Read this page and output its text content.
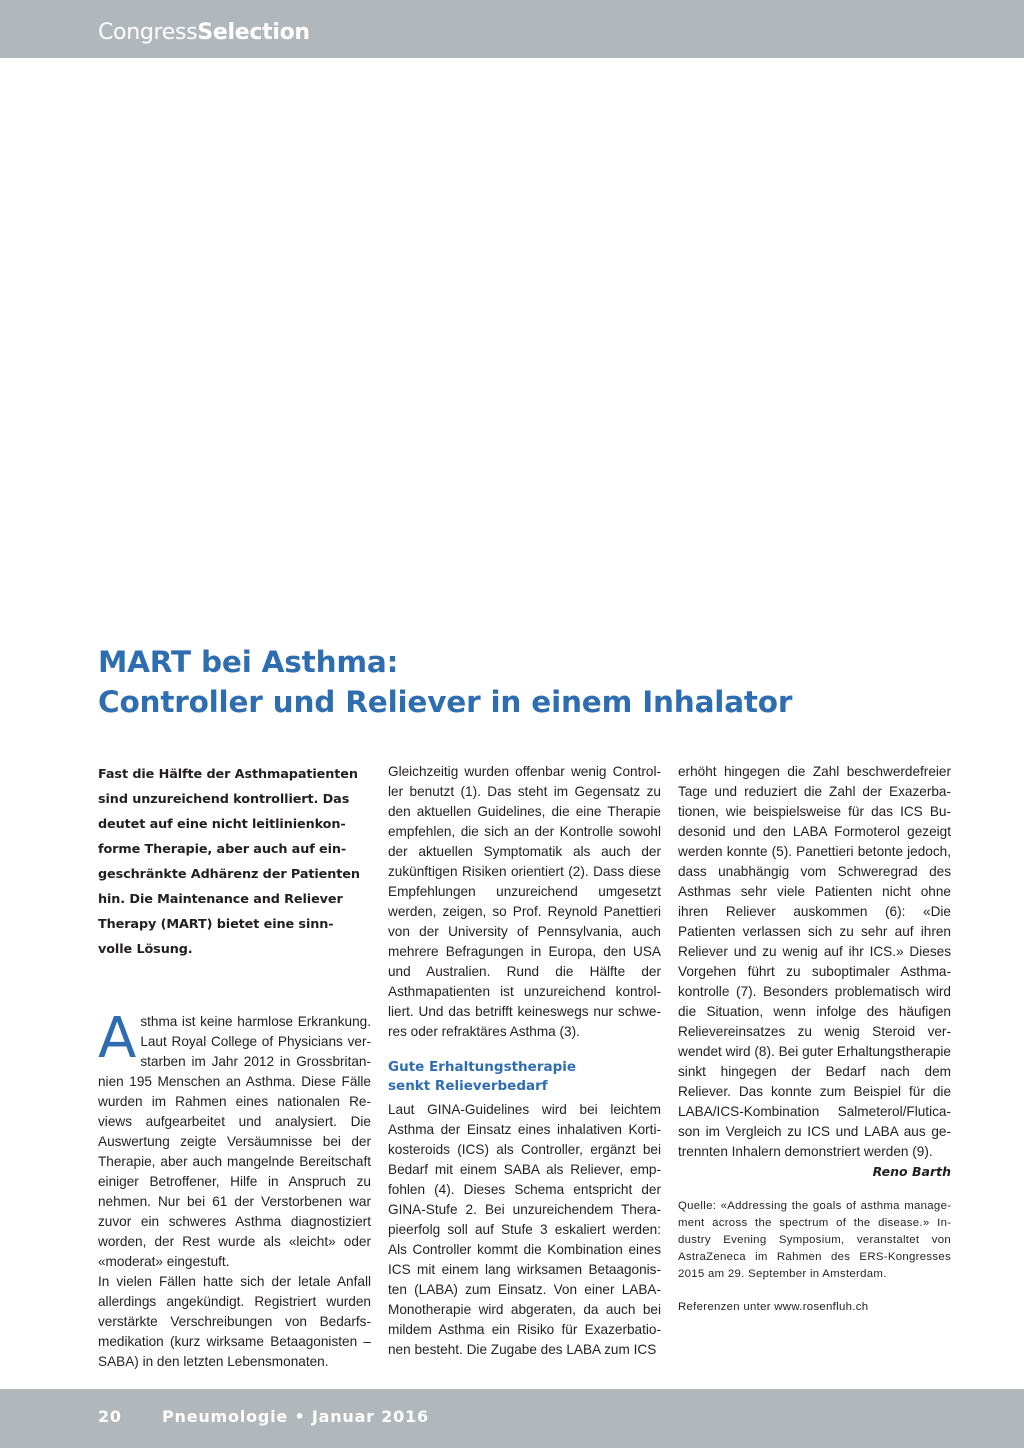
CongressSelection
MART bei Asthma:
Controller und Reliever in einem Inhalator

Fast die Hälfte der Asthmapatienten
sind unzureichend kontrolliert. Das
deutet auf eine nicht leitlinienkon-
forme Therapie, aber auch auf ein-
geschränkte Adhärenz der Patienten
hin. Die Maintenance and Reliever
Therapy (MART) bietet eine sinn-
volle Lösung.

Asthma ist keine harmlose Erkrankung. Laut Royal College of Physicians verstarben im Jahr 2012 in Grossbritannien 195 Menschen an Asthma. Diese Fälle wurden im Rahmen eines nationalen Reviews aufgearbeitet und analysiert. Die Auswertung zeigte Versäumnisse bei der Therapie, aber auch mangelnde Bereitschaft einiger Betroffener, Hilfe in Anspruch zu nehmen. Nur bei 61 der Verstorbenen war zuvor ein schweres Asthma diagnostiziert worden, der Rest wurde als «leicht» oder «moderat» eingestuft.

In vielen Fällen hatte sich der letale Anfall allerdings angekündigt. Registriert wurden verstärkte Verschreibungen von Bedarfsmedikation (kurz wirksame Betaagonisten – SABA) in den letzten Lebensmonaten.

Gleichzeitig wurden offenbar wenig Controller benutzt (1). Das steht im Gegensatz zu den aktuellen Guidelines, die eine Therapie empfehlen, die sich an der Kontrolle sowohl der aktuellen Symptomatik als auch der zukünftigen Risiken orientiert (2). Dass diese Empfehlungen unzureichend umgesetzt werden, zeigen, so Prof. Reynold Panettieri von der University of Pennsylvania, auch mehrere Befragungen in Europa, den USA und Australien. Rund die Hälfte der Asthmapatienten ist unzureichend kontrolliert. Und das betrifft keineswegs nur schweres oder refraktäres Asthma (3).

Gute Erhaltungstherapie
senkt Relieverbedarf

Laut GINA-Guidelines wird bei leichtem Asthma der Einsatz eines inhalativen Kortikosteroids (ICS) als Controller, ergänzt bei Bedarf mit einem SABA als Reliever, empfohlen (4). Dieses Schema entspricht der GINA-Stufe 2. Bei unzureichendem Therapieerfolg soll auf Stufe 3 eskaliert werden: Als Controller kommt die Kombination eines ICS mit einem lang wirksamen Betaagonisten (LABA) zum Einsatz. Von einer LABA-Monotherapie wird abgeraten, da auch bei mildem Asthma ein Risiko für Exazerbationen besteht. Die Zugabe des LABA zum ICS

erhöht hingegen die Zahl beschwerdefreier Tage und reduziert die Zahl der Exazerbationen, wie beispielsweise für das ICS Budesonid und den LABA Formoterol gezeigt werden konnte (5). Panettieri betonte jedoch, dass unabhängig vom Schweregrad des Asthmas sehr viele Patienten nicht ohne ihren Reliever auskommen (6): «Die Patienten verlassen sich zu sehr auf ihren Reliever und zu wenig auf ihr ICS.» Dieses Vorgehen führt zu suboptimaler Asthmakontrolle (7). Besonders problematisch wird die Situation, wenn infolge des häufigen Relievereinsatzes zu wenig Steroid verwendet wird (8). Bei guter Erhaltungstherapie sinkt hingegen der Bedarf nach dem Reliever. Das konnte zum Beispiel für die LABA/ICS-Kombination Salmeterol/Fluticason im Vergleich zu ICS und LABA aus getrennten Inhalern demonstriert werden (9).

Reno Barth

Quelle: «Addressing the goals of asthma management across the spectrum of the disease.» Industry Evening Symposium, veranstaltet von AstraZeneca im Rahmen des ERS-Kongresses 2015 am 29. September in Amsterdam.

Referenzen unter www.rosenfluh.ch

20	Pneumologie • Januar 2016
